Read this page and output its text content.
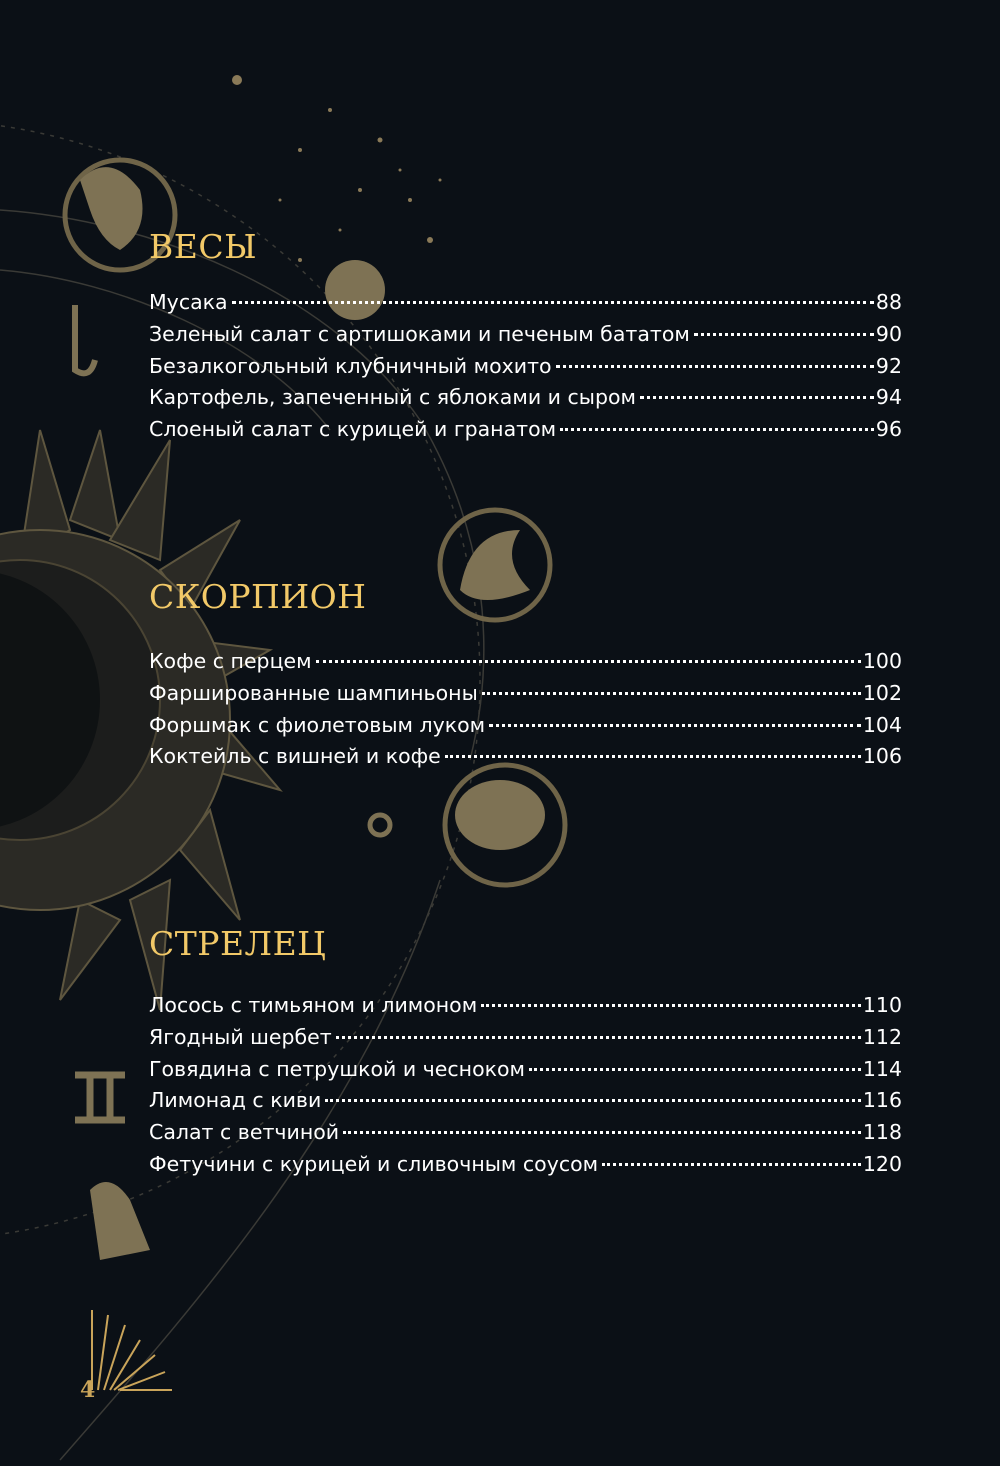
ВЕСЫ
Мусака	88
Зеленый салат с артишоками и печеным бататом	90
Безалкогольный клубничный мохито	92
Картофель, запеченный с яблоками и сыром	94
Слоеный салат с курицей и гранатом	96
СКОРПИОН
Кофе с перцем	100
Фаршированные шампиньоны	102
Форшмак с фиолетовым луком	104
Коктейль с вишней и кофе	106
СТРЕЛЕЦ
Лосось с тимьяном и лимоном	110
Ягодный шербет	112
Говядина с петрушкой и чесноком	114
Лимонад с киви	116
Салат с ветчиной	118
Фетучини с курицей и сливочным соусом	120
4
